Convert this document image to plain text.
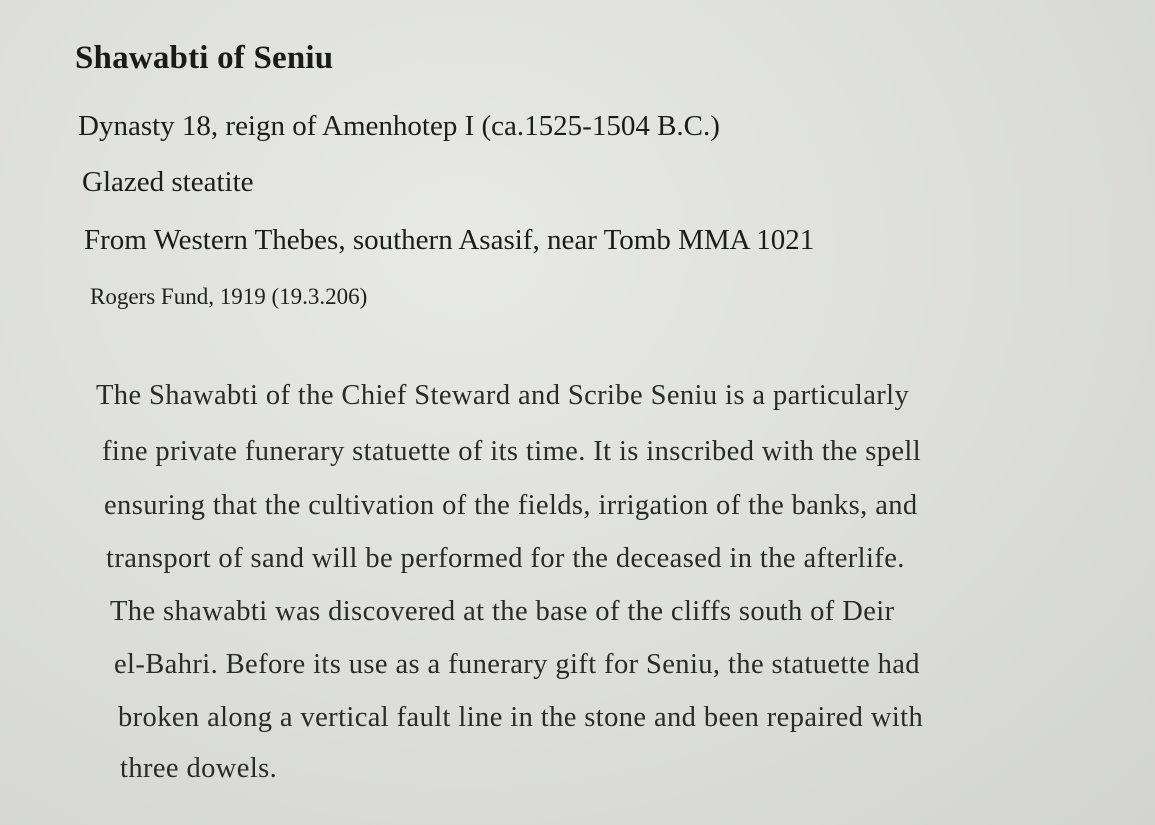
Shawabti of Seniu
Dynasty 18, reign of Amenhotep I (ca.1525-1504 B.C.)
Glazed steatite
From Western Thebes, southern Asasif, near Tomb MMA 1021
Rogers Fund, 1919 (19.3.206)
The Shawabti of the Chief Steward and Scribe Seniu is a particularly
fine private funerary statuette of its time. It is inscribed with the spell
ensuring that the cultivation of the fields, irrigation of the banks, and
transport of sand will be performed for the deceased in the afterlife.
The shawabti was discovered at the base of the cliffs south of Deir
el-Bahri. Before its use as a funerary gift for Seniu, the statuette had
broken along a vertical fault line in the stone and been repaired with
three dowels.
